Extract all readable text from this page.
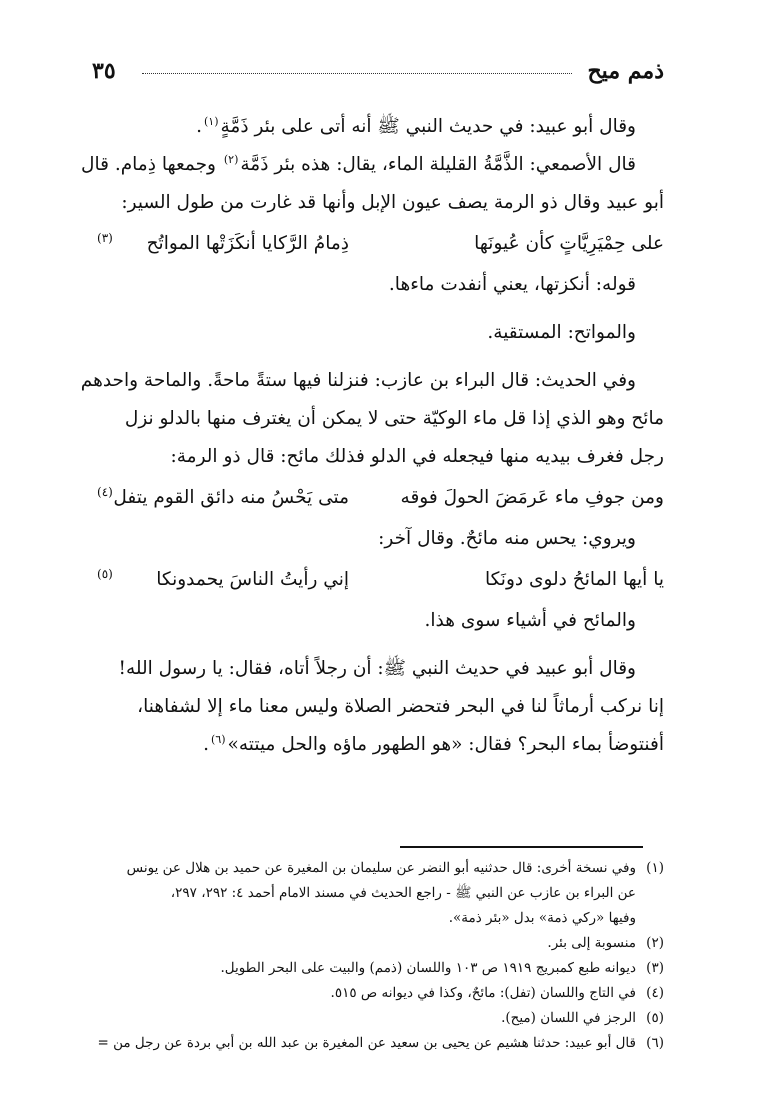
ذمم ميح
٣٥
وقال أبو عبيد: في حديث النبي ﷺ أنه أتى على بئر ذَمَّةٍ$^{(١)}$.
قال الأصمعي: الذَّمَّةُ القليلة الماء، يقال: هذه بئر ذَمَّة$^{(٢)}$ وجمعها ذِمام. قال
أبو عبيد وقال ذو الرمة يصف عيون الإبل وأنها قد غارت من طول السير:
على حِمْيَرِيَّاتٍ كأن عُيونَها
ذِمامُ الرَّكايا أنكَزَتْها المواتُح
(٣)
قوله: أنكزتها، يعني أنفدت ماءها.
والمواتح: المستقية.
وفي الحديث: قال البراء بن عازب: فنزلنا فيها ستةً ماحةً. والماحة واحدهم
مائح وهو الذي إذا قل ماء الوكيّة حتى لا يمكن أن يغترف منها بالدلو نزل
رجل فغرف بيديه منها فيجعله في الدلو فذلك مائح: قال ذو الرمة:
ومن جوفِ ماء عَرمَضَ الحولَ فوقه
متى يَحْسُ منه دائق القوم يتفل
(٤)
ويروي: يحس منه مائحٌ. وقال آخر:
يا أيها المائحُ دلوى دونَكا
إني رأيتُ الناسَ يحمدونكا
(٥)
والمائح في أشياء سوى هذا.
وقال أبو عبيد في حديث النبي ﷺ: أن رجلاً أتاه، فقال: يا رسول الله!
إنا نركب أرماثاً لنا في البحر فتحضر الصلاة وليس معنا ماء إلا لشفاهنا،
أفنتوضأ بماء البحر؟ فقال: «هو الطهور ماؤه والحل ميتته»$^{(٦)}$.
(١)وفي نسخة أخرى: قال حدثنيه أبو النضر عن سليمان بن المغيرة عن حميد بن هلال عن يونس
عن البراء بن عازب عن النبي ﷺ - راجع الحديث في مسند الامام أحمد ٤: ٢٩٢، ٢٩٧،
وفيها «ركي ذمة» بدل «بئر ذمة».
(٢)منسوبة إلى بئر.
(٣)ديوانه طبع كمبريج ١٩١٩ ص ١٠٣ واللسان (ذمم) والبيت على البحر الطويل.
(٤)في التاج واللسان (تفل): مائحٌ، وكذا في ديوانه ص ٥١٥.
(٥)الرجز في اللسان (ميح).
(٦)قال أبو عبيد: حدثنا هشيم عن يحيى بن سعيد عن المغيرة بن عبد الله بن أبي بردة عن رجل من =
